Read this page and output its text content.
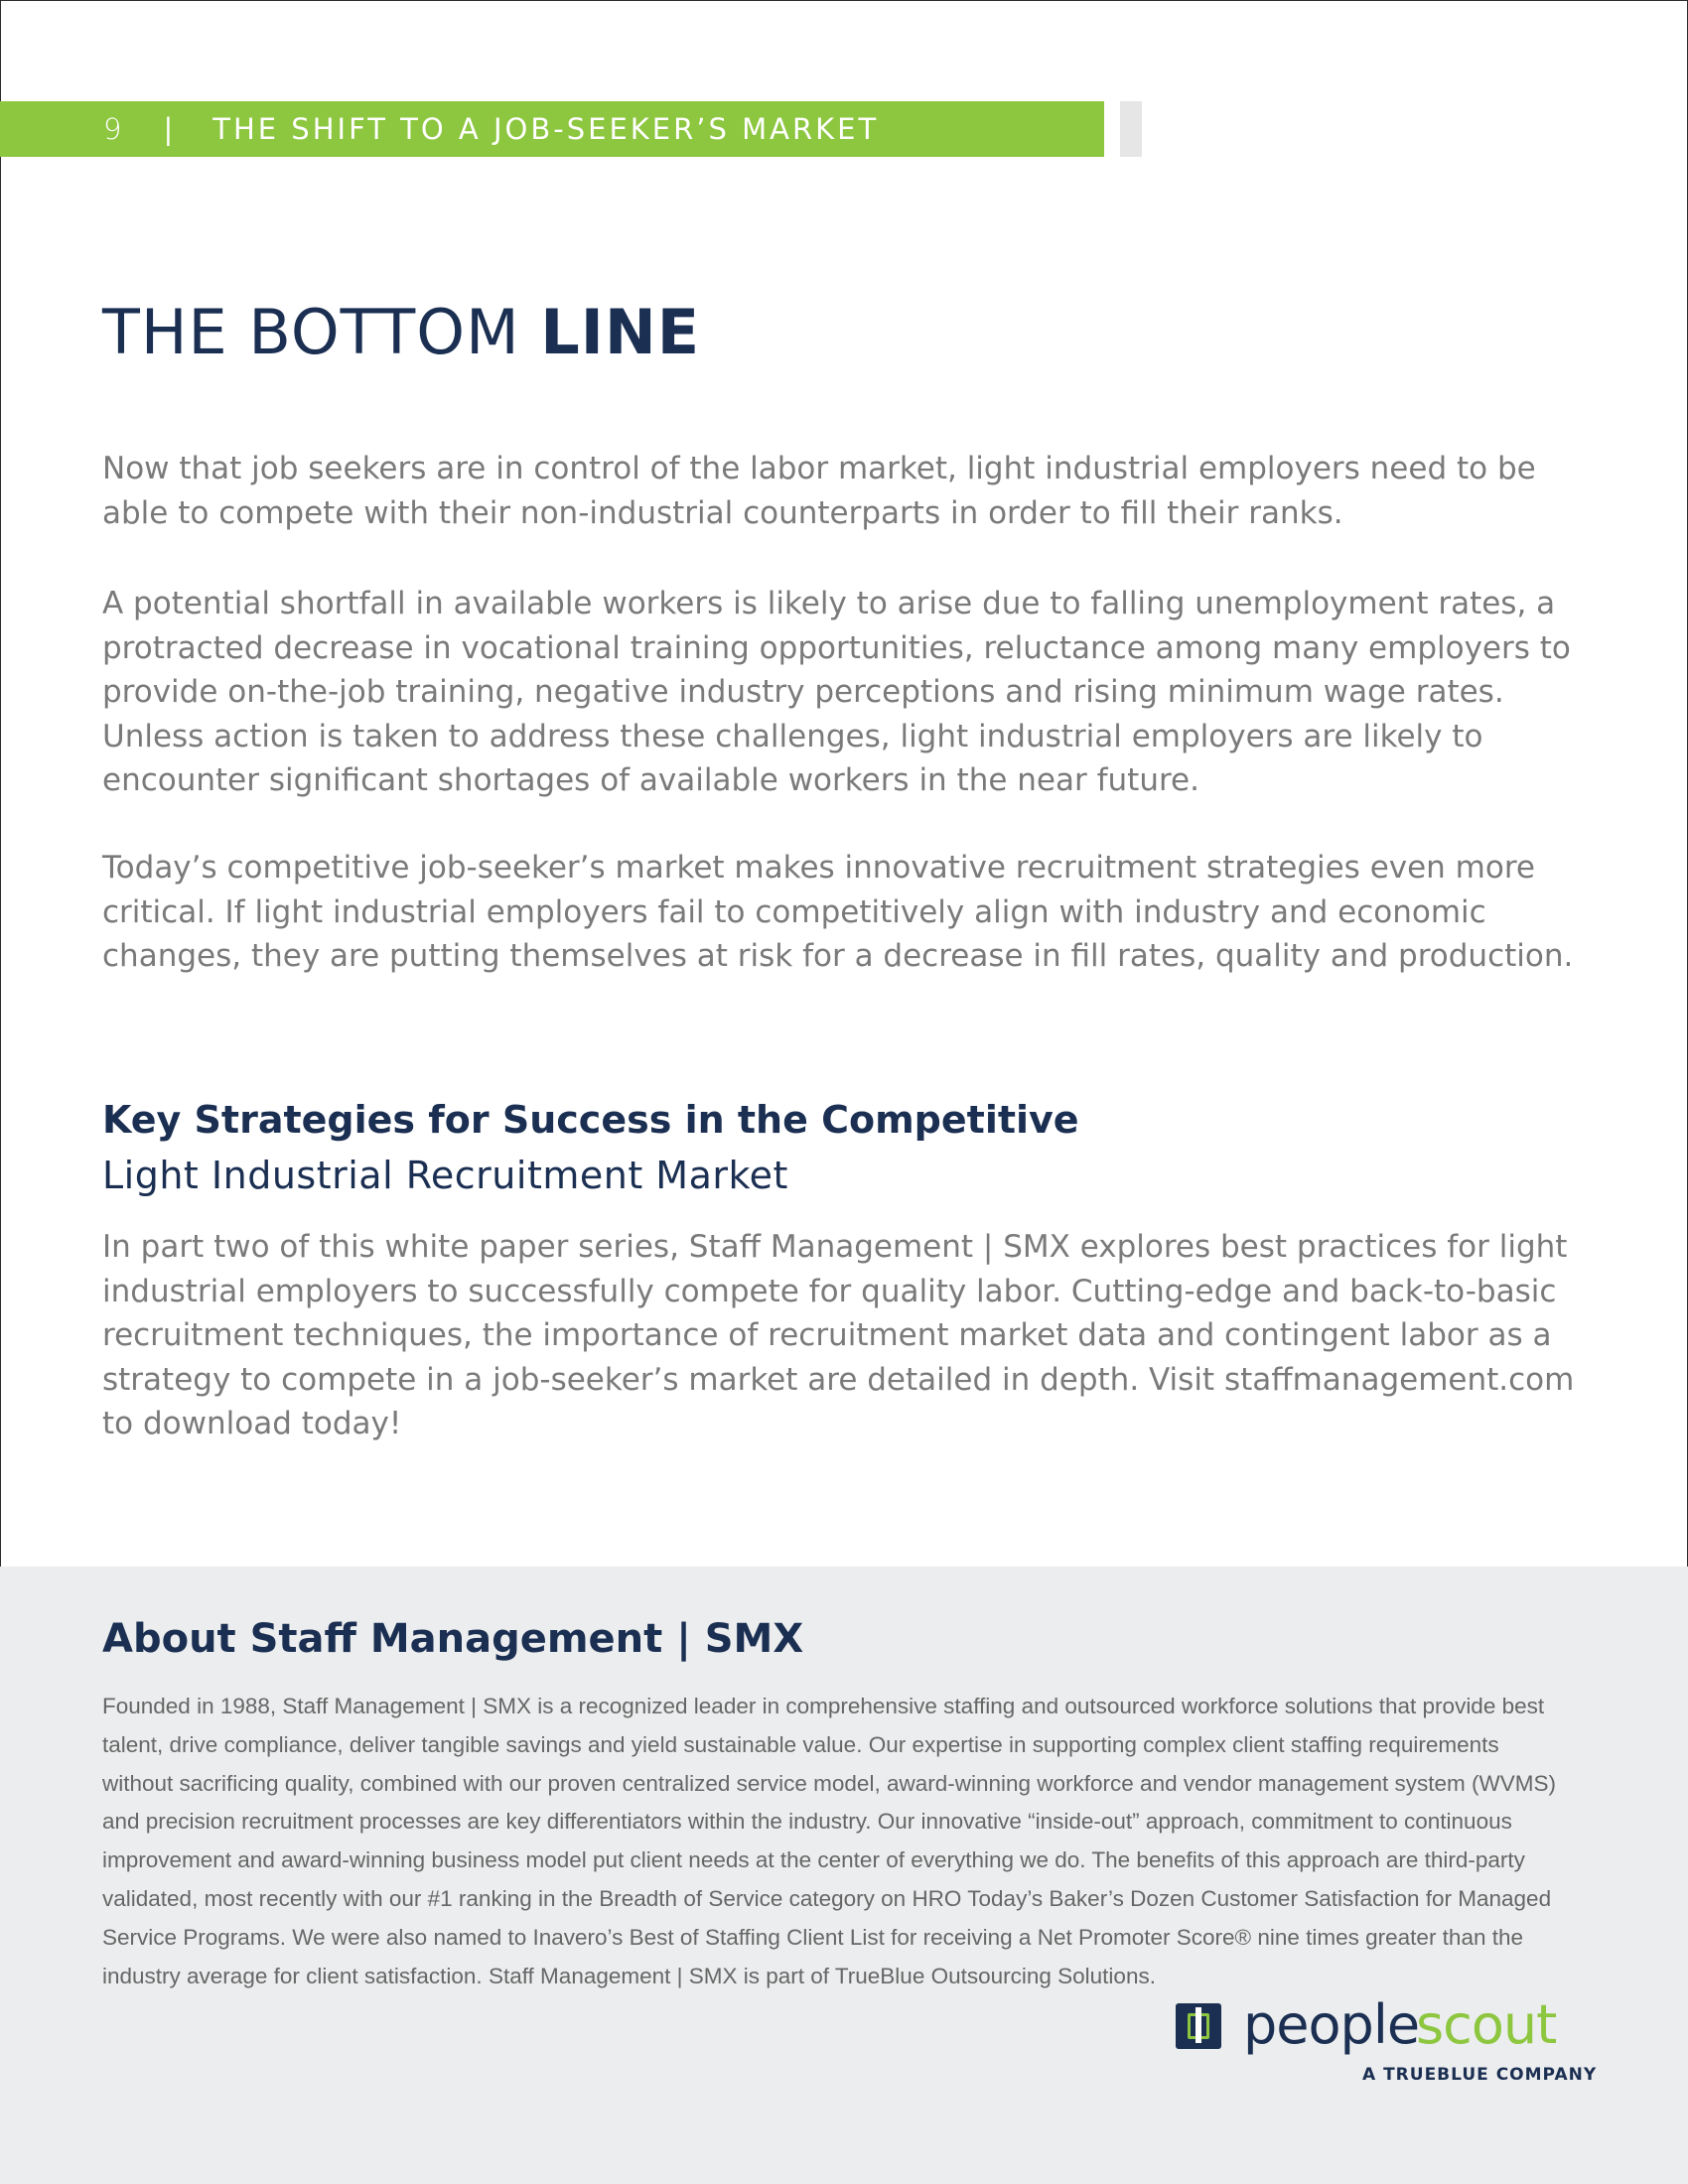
9 | THE SHIFT TO A JOB-SEEKER’S MARKET
THE BOTTOM LINE

Now that job seekers are in control of the labor market, light industrial employers need to be able to compete with their non-industrial counterparts in order to fill their ranks.

A potential shortfall in available workers is likely to arise due to falling unemployment rates, a protracted decrease in vocational training opportunities, reluctance among many employers to provide on-the-job training, negative industry perceptions and rising minimum wage rates. Unless action is taken to address these challenges, light industrial employers are likely to encounter significant shortages of available workers in the near future.

Today’s competitive job-seeker’s market makes innovative recruitment strategies even more critical. If light industrial employers fail to competitively align with industry and economic changes, they are putting themselves at risk for a decrease in fill rates, quality and production.

Key Strategies for Success in the Competitive
Light Industrial Recruitment Market

In part two of this white paper series, Staff Management | SMX explores best practices for light industrial employers to successfully compete for quality labor. Cutting-edge and back-to-basic recruitment techniques, the importance of recruitment market data and contingent labor as a strategy to compete in a job-seeker’s market are detailed in depth. Visit staffmanagement.com to download today!

About Staff Management | SMX

Founded in 1988, Staff Management | SMX is a recognized leader in comprehensive staffing and outsourced workforce solutions that provide best talent, drive compliance, deliver tangible savings and yield sustainable value. Our expertise in supporting complex client staffing requirements without sacrificing quality, combined with our proven centralized service model, award-winning workforce and vendor management system (WVMS) and precision recruitment processes are key differentiators within the industry. Our innovative “inside-out” approach, commitment to continuous improvement and award-winning business model put client needs at the center of everything we do. The benefits of this approach are third-party validated, most recently with our #1 ranking in the Breadth of Service category on HRO Today’s Baker’s Dozen Customer Satisfaction for Managed Service Programs. We were also named to Inavero’s Best of Staffing Client List for receiving a Net Promoter Score® nine times greater than the industry average for client satisfaction. Staff Management | SMX is part of TrueBlue Outsourcing Solutions.

people
scout
A TRUEBLUE COMPANY
